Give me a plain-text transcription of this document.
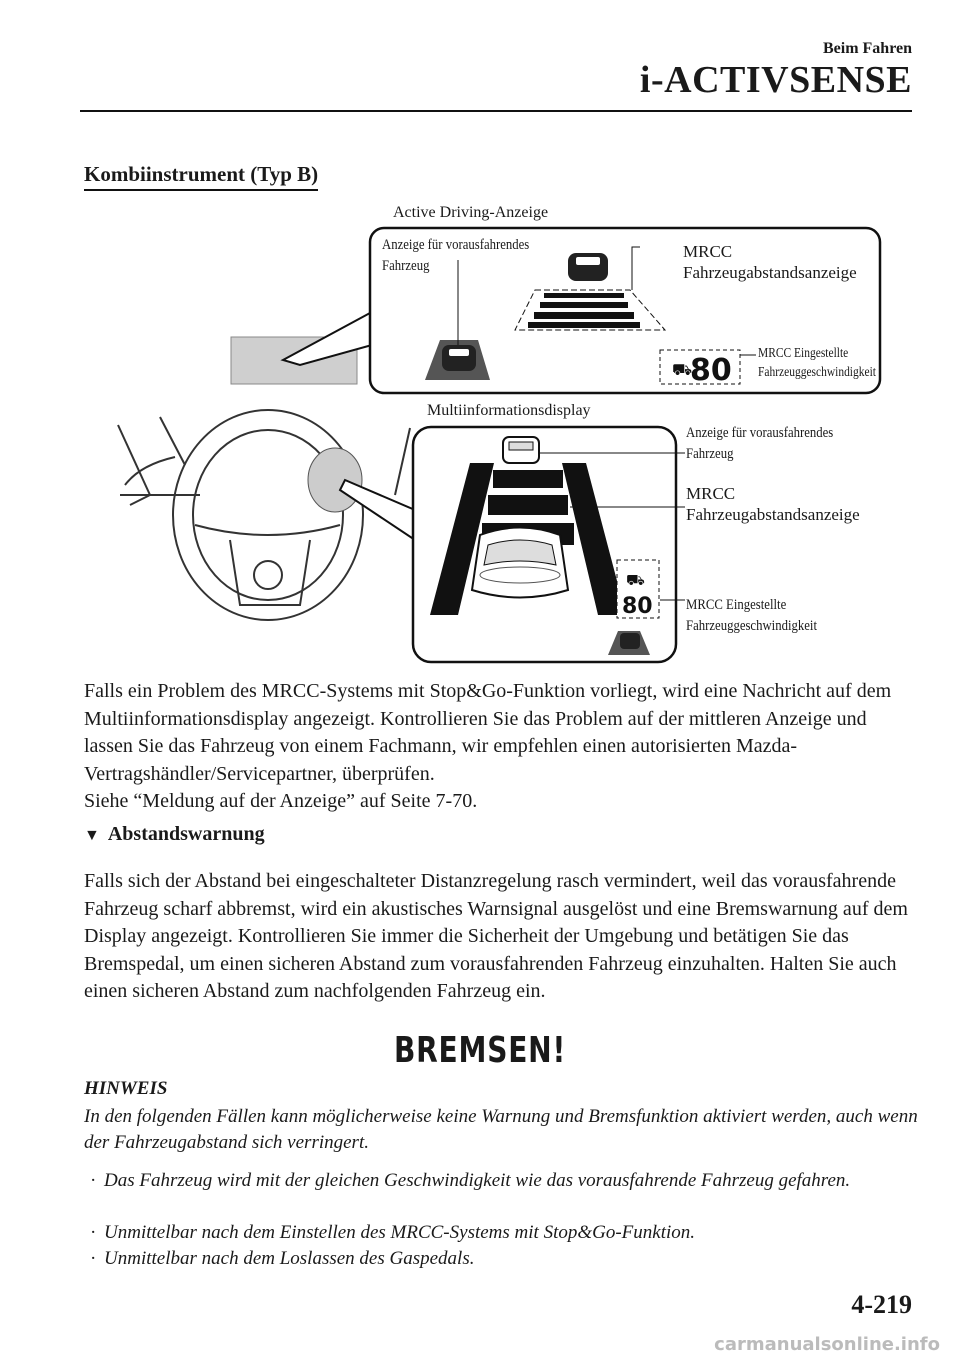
Beim Fahren
i-ACTIVSENSE
Kombiinstrument (Typ B)
⛟
80
⛟
80
Active Driving-Anzeige
Anzeige für vorausfahrendes Fahrzeug
MRCC Fahrzeugabstandsanzeige
MRCC Eingestellte Fahrzeuggeschwindigkeit
Multiinformationsdisplay
Anzeige für vorausfahrendes Fahrzeug
MRCC Fahrzeugabstandsanzeige
MRCC Eingestellte Fahrzeuggeschwindigkeit
Falls ein Problem des MRCC-Systems mit Stop&Go-Funktion vorliegt, wird eine Nachricht auf dem Multiinformationsdisplay angezeigt. Kontrollieren Sie das Problem auf der mittleren Anzeige und lassen Sie das Fahrzeug von einem Fachmann, wir empfehlen einen autorisierten Mazda-Vertragshändler/Servicepartner, überprüfen.
Siehe “Meldung auf der Anzeige” auf Seite 7-70.
▼ Abstandswarnung
Falls sich der Abstand bei eingeschalteter Distanzregelung rasch vermindert, weil das vorausfahrende Fahrzeug scharf abbremst, wird ein akustisches Warnsignal ausgelöst und eine Bremswarnung auf dem Display angezeigt. Kontrollieren Sie immer die Sicherheit der Umgebung und betätigen Sie das Bremspedal, um einen sicheren Abstand zum vorausfahrenden Fahrzeug einzuhalten. Halten Sie auch einen sicheren Abstand zum nachfolgenden Fahrzeug ein.
BREMSEN!
HINWEIS
In den folgenden Fällen kann möglicherweise keine Warnung und Bremsfunktion aktiviert werden, auch wenn der Fahrzeugabstand sich verringert.
· Das Fahrzeug wird mit der gleichen Geschwindigkeit wie das vorausfahrende Fahrzeug gefahren.
· Unmittelbar nach dem Einstellen des MRCC-Systems mit Stop&Go-Funktion.
· Unmittelbar nach dem Loslassen des Gaspedals.
4-219
carmanualsonline.info
